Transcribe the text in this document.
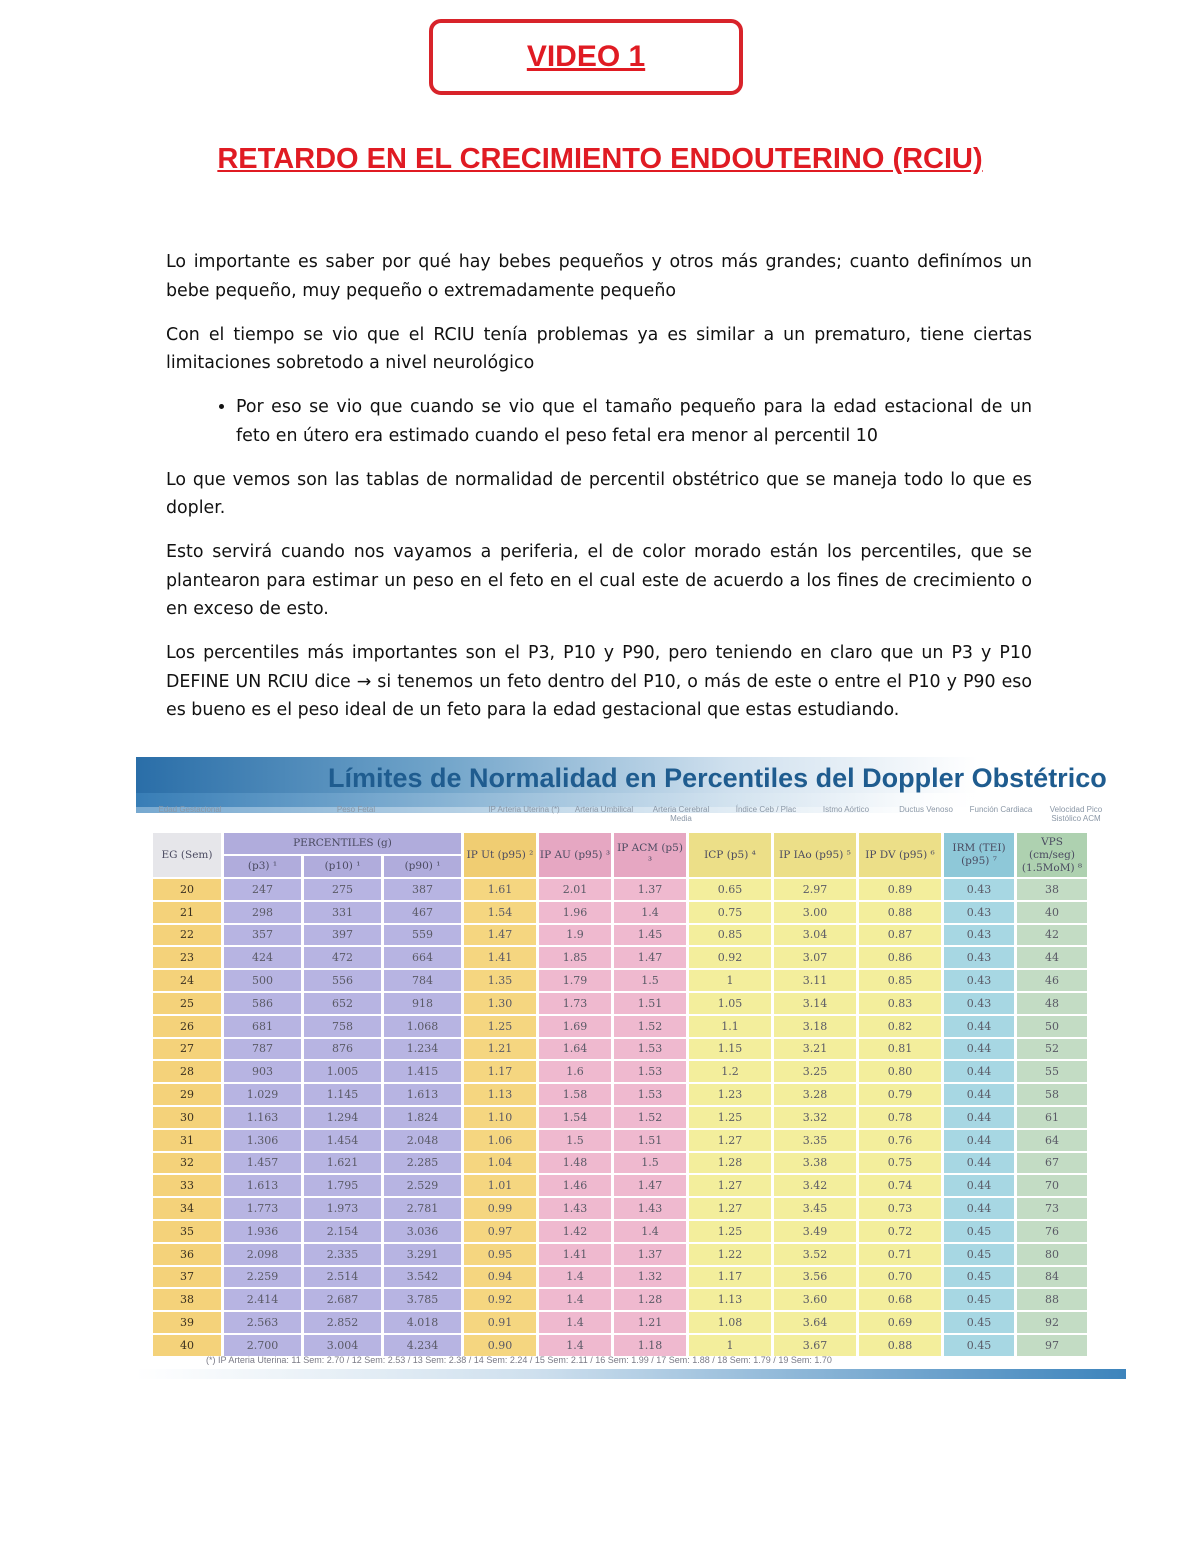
VIDEO 1
RETARDO EN EL CRECIMIENTO ENDOUTERINO (RCIU)

Lo importante es saber por qué hay bebes pequeños y otros más grandes; cuanto definímos un bebe pequeño, muy pequeño o extremadamente pequeño

Con el tiempo se vio que el RCIU tenía problemas ya es similar a un prematuro, tiene ciertas limitaciones sobretodo a nivel neurológico

• Por eso se vio que cuando se vio que el tamaño pequeño para la edad estacional de un feto en útero era estimado cuando el peso fetal era menor al percentil 10

Lo que vemos son las tablas de normalidad de percentil obstétrico que se maneja todo lo que es dopler.

Esto servirá cuando nos vayamos a periferia, el de color morado están los percentiles, que se plantearon para estimar un peso en el feto en el cual este de acuerdo a los fines de crecimiento o en exceso de esto.

Los percentiles más importantes son el P3, P10 y P90, pero teniendo en claro que un P3 y P10 DEFINE UN RCIU dice → si tenemos un feto dentro del P10, o más de este o entre el P10 y P90 eso es bueno es el peso ideal de un feto para la edad gestacional que estas estudiando.

Límites de Normalidad en Percentiles del Doppler Obstétrico
Edad Gestacional	Peso Fetal	IP Arteria Uterina (*)	Arteria Umbilical	Arteria Cerebral Media
Índice Ceb / Plac	Istmo Aórtico	Ductus Venoso	Función Cardiaca	Velocidad Pico Sistólico ACM
EG (Sem)	PERCENTILES (g)			IP Ut (p95) ²	IP AU (p95) ³	IP ACM (p5) ³	ICP (p5) ⁴	IP IAo (p95) ⁵	IP DV (p95) ⁶	IRM (TEI) (p95) ⁷	VPS (cm/seg) (1.5MoM) ⁸
	(p3) ¹	(p10) ¹	(p90) ¹								
20	247	275	387	1.61	2.01	1.37	0.65	2.97	0.89	0.43	38
21	298	331	467	1.54	1.96	1.4	0.75	3.00	0.88	0.43	40
22	357	397	559	1.47	1.9	1.45	0.85	3.04	0.87	0.43	42
23	424	472	664	1.41	1.85	1.47	0.92	3.07	0.86	0.43	44
24	500	556	784	1.35	1.79	1.5	1	3.11	0.85	0.43	46
25	586	652	918	1.30	1.73	1.51	1.05	3.14	0.83	0.43	48
26	681	758	1.068	1.25	1.69	1.52	1.1	3.18	0.82	0.44	50
27	787	876	1.234	1.21	1.64	1.53	1.15	3.21	0.81	0.44	52
28	903	1.005	1.415	1.17	1.6	1.53	1.2	3.25	0.80	0.44	55
29	1.029	1.145	1.613	1.13	1.58	1.53	1.23	3.28	0.79	0.44	58
30	1.163	1.294	1.824	1.10	1.54	1.52	1.25	3.32	0.78	0.44	61
31	1.306	1.454	2.048	1.06	1.5	1.51	1.27	3.35	0.76	0.44	64
32	1.457	1.621	2.285	1.04	1.48	1.5	1.28	3.38	0.75	0.44	67
33	1.613	1.795	2.529	1.01	1.46	1.47	1.27	3.42	0.74	0.44	70
34	1.773	1.973	2.781	0.99	1.43	1.43	1.27	3.45	0.73	0.44	73
35	1.936	2.154	3.036	0.97	1.42	1.4	1.25	3.49	0.72	0.45	76
36	2.098	2.335	3.291	0.95	1.41	1.37	1.22	3.52	0.71	0.45	80
37	2.259	2.514	3.542	0.94	1.4	1.32	1.17	3.56	0.70	0.45	84
38	2.414	2.687	3.785	0.92	1.4	1.28	1.13	3.60	0.68	0.45	88
39	2.563	2.852	4.018	0.91	1.4	1.21	1.08	3.64	0.69	0.45	92
40	2.700	3.004	4.234	0.90	1.4	1.18	1	3.67	0.88	0.45	97
(*) IP Arteria Uterina: 11 Sem: 2.70 / 12 Sem: 2.53 / 13 Sem: 2.38 / 14 Sem: 2.24 / 15 Sem: 2.11 / 16 Sem: 1.99 / 17 Sem: 1.88 / 18 Sem: 1.79 / 19 Sem: 1.70
